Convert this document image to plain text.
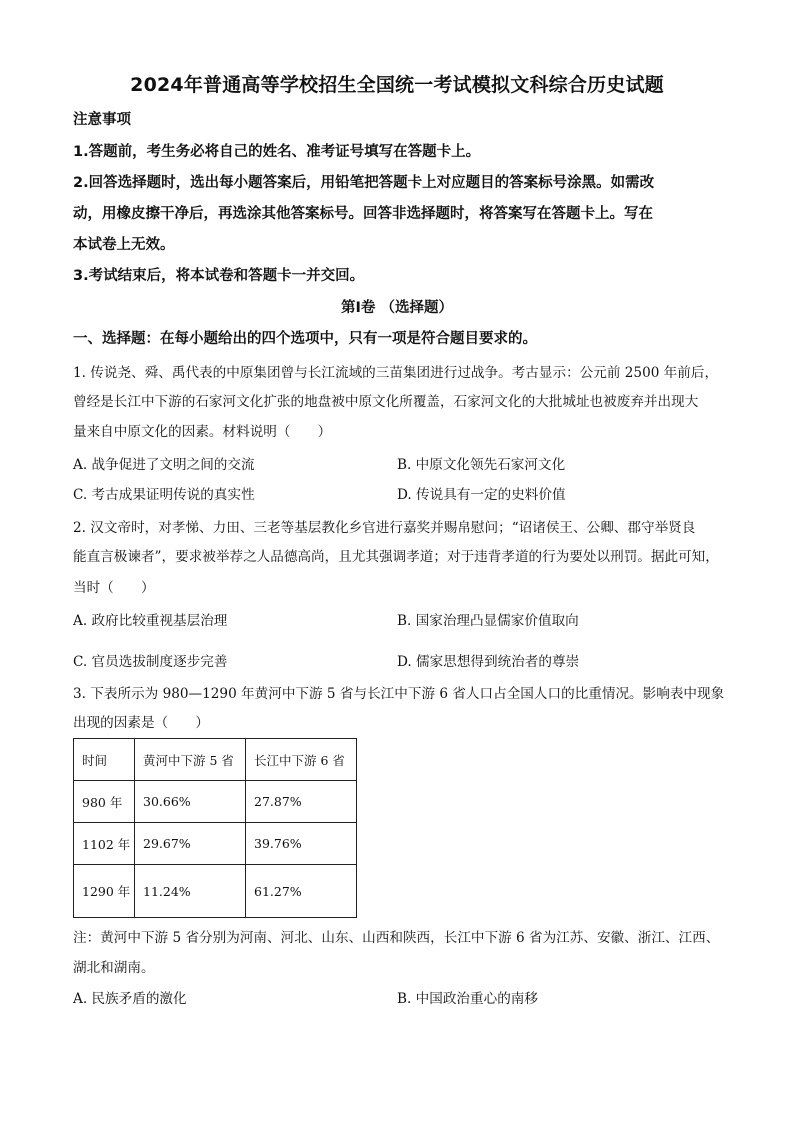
2024年普通高等学校招生全国统一考试模拟文科综合历史试题
注意事项
1.答题前，考生务必将自己的姓名、准考证号填写在答题卡上。
2.回答选择题时，选出每小题答案后，用铅笔把答题卡上对应题目的答案标号涂黑。如需改
动，用橡皮擦干净后，再选涂其他答案标号。回答非选择题时，将答案写在答题卡上。写在
本试卷上无效。
3.考试结束后，将本试卷和答题卡一并交回。
第Ⅰ卷 （选择题）
一、选择题：在每小题给出的四个选项中，只有一项是符合题目要求的。
1. 传说尧、舜、禹代表的中原集团曾与长江流域的三苗集团进行过战争。考古显示：公元前 2500 年前后，
曾经是长江中下游的石家河文化扩张的地盘被中原文化所覆盖，石家河文化的大批城址也被废弃并出现大
量来自中原文化的因素。材料说明（　　）
A. 战争促进了文明之间的交流	B. 中原文化领先石家河文化
C. 考古成果证明传说的真实性	D. 传说具有一定的史料价值
2. 汉文帝时，对孝悌、力田、三老等基层教化乡官进行嘉奖并赐帛慰问；“诏诸侯王、公卿、郡守举贤良
能直言极谏者”，要求被举荐之人品德高尚，且尤其强调孝道；对于违背孝道的行为要处以刑罚。据此可知，
当时（　　）
A. 政府比较重视基层治理	B. 国家治理凸显儒家价值取向
C. 官员选拔制度逐步完善	D. 儒家思想得到统治者的尊崇
3. 下表所示为 980—1290 年黄河中下游 5 省与长江中下游 6 省人口占全国人口的比重情况。影响表中现象
出现的因素是（　　）
时间	黄河中下游 5 省	长江中下游 6 省
980 年	30.66%	27.87%
1102 年	29.67%	39.76%
1290 年	11.24%	61.27%
注：黄河中下游 5 省分别为河南、河北、山东、山西和陕西，长江中下游 6 省为江苏、安徽、浙江、江西、
湖北和湖南。
A. 民族矛盾的激化	B. 中国政治重心的南移
